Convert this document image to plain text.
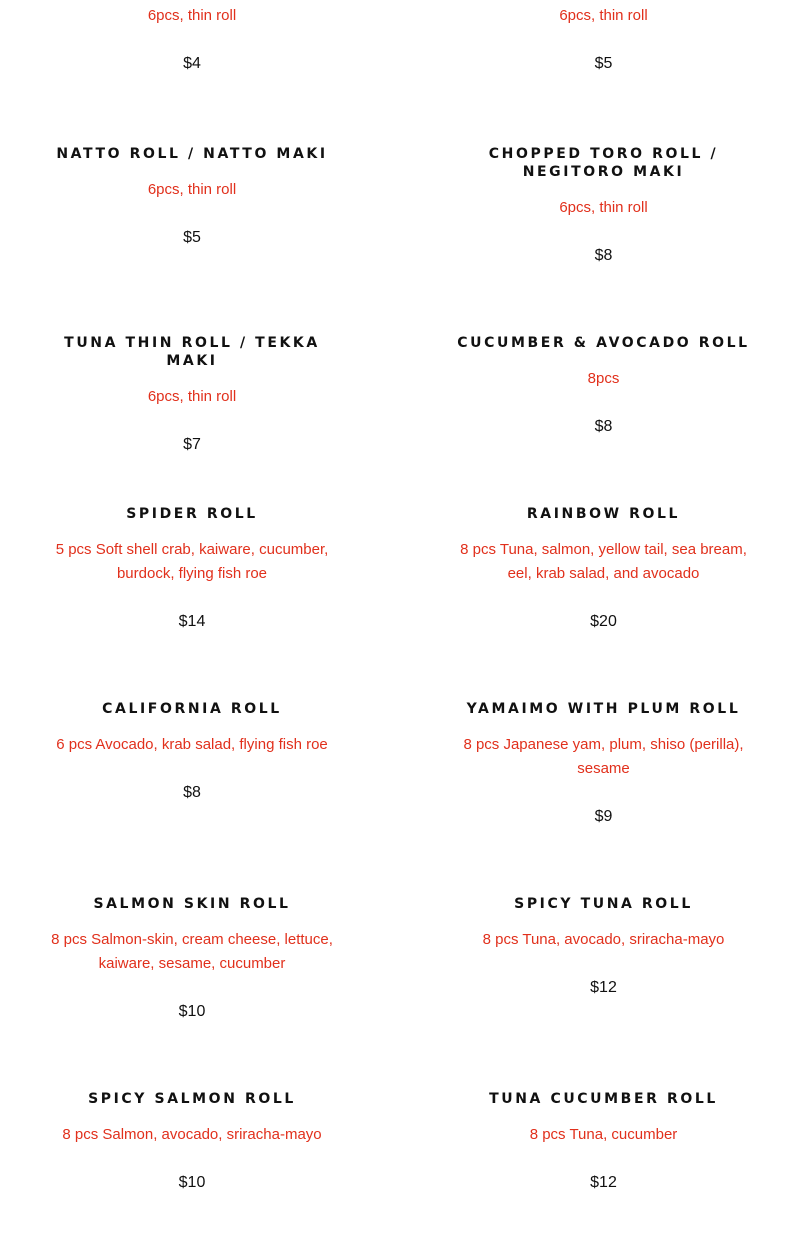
6pcs, thin roll

$4

6pcs, thin roll

$5

NATTO ROLL / NATTO MAKI

6pcs, thin roll

$5

CHOPPED TORO ROLL / NEGITORO MAKI

6pcs, thin roll

$8

TUNA THIN ROLL / TEKKA MAKI

6pcs, thin roll

$7

CUCUMBER & AVOCADO ROLL

8pcs

$8

SPIDER ROLL

5 pcs Soft shell crab, kaiware, cucumber, burdock, flying fish roe

$14

RAINBOW ROLL

8 pcs Tuna, salmon, yellow tail, sea bream, eel, krab salad, and avocado

$20

CALIFORNIA ROLL

6 pcs Avocado, krab salad, flying fish roe

$8

YAMAIMO WITH PLUM ROLL

8 pcs Japanese yam, plum, shiso (perilla), sesame

$9

SALMON SKIN ROLL

8 pcs Salmon-skin, cream cheese, lettuce, kaiware, sesame, cucumber

$10

SPICY TUNA ROLL

8 pcs Tuna, avocado, sriracha-mayo

$12

SPICY SALMON ROLL

8 pcs Salmon, avocado, sriracha-mayo

$10

TUNA CUCUMBER ROLL

8 pcs Tuna, cucumber

$12
